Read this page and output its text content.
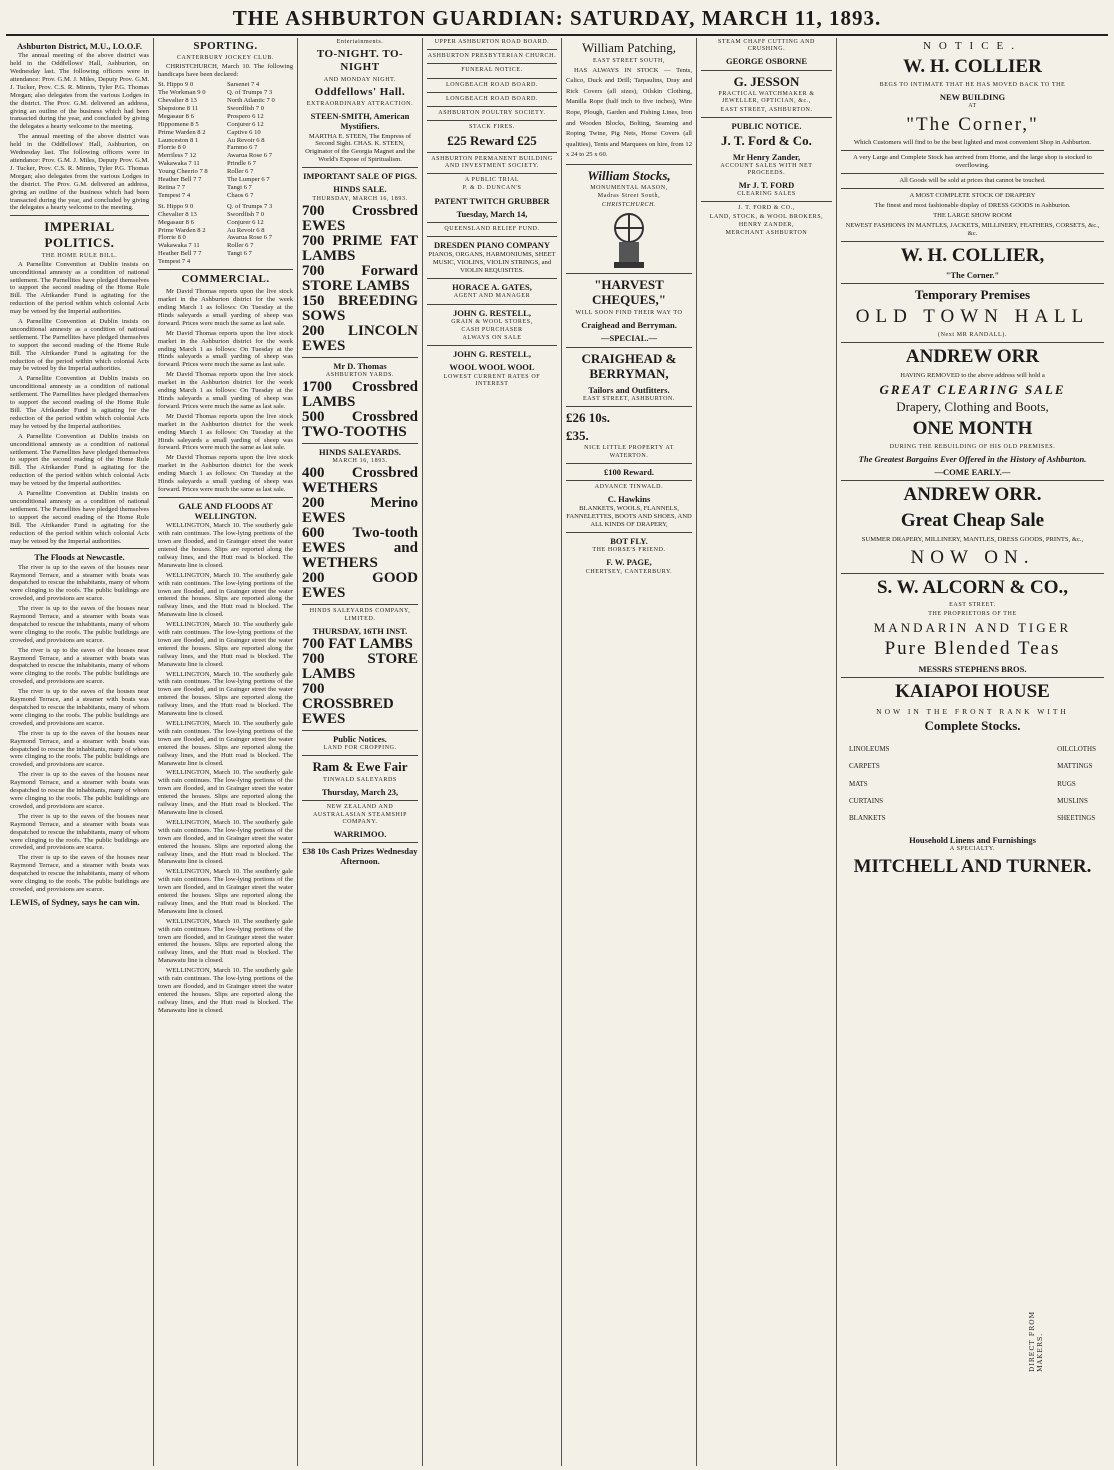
THE ASHBURTON GUARDIAN: SATURDAY, MARCH 11, 1893.
Ashburton District, M.U., I.O.O.F.

The annual meeting of the above district was held in the Oddfellows' Hall, Ashburton, on Wednesday last. The following officers were in attendance: Prov. G.M. J. Miles, Deputy Prov. G.M. J. Tucker, Prov. C.S. R. Minnis, Tyler P.G. Thomas Morgan; also delegates from the various Lodges in the district. The Prov. G.M. delivered an address, giving an outline of the business which had been transacted during the year, and concluded by giving the delegates a hearty welcome to the meeting.

The annual meeting of the above district was held in the Oddfellows' Hall, Ashburton, on Wednesday last. The following officers were in attendance: Prov. G.M. J. Miles, Deputy Prov. G.M. J. Tucker, Prov. C.S. R. Minnis, Tyler P.G. Thomas Morgan; also delegates from the various Lodges in the district. The Prov. G.M. delivered an address, giving an outline of the business which had been transacted during the year, and concluded by giving the delegates a hearty welcome to the meeting.

IMPERIAL POLITICS.
THE HOME RULE BILL.

A Parnellite Convention at Dublin insists on unconditional amnesty as a condition of national settlement. The Parnellites have pledged themselves to support the second reading of the Home Rule Bill. The Afrikander Fund is agitating for the reduction of the period within which colonial Acts may be vetoed by the Imperial authorities.

A Parnellite Convention at Dublin insists on unconditional amnesty as a condition of national settlement. The Parnellites have pledged themselves to support the second reading of the Home Rule Bill. The Afrikander Fund is agitating for the reduction of the period within which colonial Acts may be vetoed by the Imperial authorities.

A Parnellite Convention at Dublin insists on unconditional amnesty as a condition of national settlement. The Parnellites have pledged themselves to support the second reading of the Home Rule Bill. The Afrikander Fund is agitating for the reduction of the period within which colonial Acts may be vetoed by the Imperial authorities.

A Parnellite Convention at Dublin insists on unconditional amnesty as a condition of national settlement. The Parnellites have pledged themselves to support the second reading of the Home Rule Bill. The Afrikander Fund is agitating for the reduction of the period within which colonial Acts may be vetoed by the Imperial authorities.

A Parnellite Convention at Dublin insists on unconditional amnesty as a condition of national settlement. The Parnellites have pledged themselves to support the second reading of the Home Rule Bill. The Afrikander Fund is agitating for the reduction of the period within which colonial Acts may be vetoed by the Imperial authorities.

The Floods at Newcastle.

The river is up to the eaves of the houses near Raymond Terrace, and a steamer with boats was despatched to rescue the inhabitants, many of whom were clinging to the roofs. The public buildings are crowded, and provisions are scarce.

The river is up to the eaves of the houses near Raymond Terrace, and a steamer with boats was despatched to rescue the inhabitants, many of whom were clinging to the roofs. The public buildings are crowded, and provisions are scarce.

The river is up to the eaves of the houses near Raymond Terrace, and a steamer with boats was despatched to rescue the inhabitants, many of whom were clinging to the roofs. The public buildings are crowded, and provisions are scarce.

The river is up to the eaves of the houses near Raymond Terrace, and a steamer with boats was despatched to rescue the inhabitants, many of whom were clinging to the roofs. The public buildings are crowded, and provisions are scarce.

The river is up to the eaves of the houses near Raymond Terrace, and a steamer with boats was despatched to rescue the inhabitants, many of whom were clinging to the roofs. The public buildings are crowded, and provisions are scarce.

The river is up to the eaves of the houses near Raymond Terrace, and a steamer with boats was despatched to rescue the inhabitants, many of whom were clinging to the roofs. The public buildings are crowded, and provisions are scarce.

The river is up to the eaves of the houses near Raymond Terrace, and a steamer with boats was despatched to rescue the inhabitants, many of whom were clinging to the roofs. The public buildings are crowded, and provisions are scarce.

The river is up to the eaves of the houses near Raymond Terrace, and a steamer with boats was despatched to rescue the inhabitants, many of whom were clinging to the roofs. The public buildings are crowded, and provisions are scarce.

LEWIS, of Sydney, says he can win.
SPORTING.
CANTERBURY JOCKEY CLUB.

CHRISTCHURCH, March 10. The following handicaps have been declared:

St. Hippo 9 0
The Workman 9 0
Chevalier 8 13
Shepstone 8 11
Megasaur 8 6
Hippomene 8 5
Prime Warden 8 2
Launceston 8 1
Florrie 8 0
Merriless 7 12
Wakawaka 7 11
Young Cheerio 7 8
Heather Bell 7 7
Retina 7 7
Tempest 7 4
Sarsenet 7 4
Q. of Trumps 7 3
North Atlantic 7 0
Swordfish 7 0
Prospero 6 12
Conjurer 6 12
Captive 6 10
Au Revoir 6 8
Farnmo 6 7
Awarua Rose 6 7
Prindle 6 7
Roller 6 7
The Lumper 6 7
Tangi 6 7
Chaos 6 7
St. Hippo 9 0
Chevalier 8 13
Megasaur 8 6
Prime Warden 8 2
Florrie 8 0
Wakawaka 7 11
Heather Bell 7 7
Tempest 7 4
Q. of Trumps 7 3
Swordfish 7 0
Conjurer 6 12
Au Revoir 6 8
Awarua Rose 6 7
Roller 6 7
Tangi 6 7
COMMERCIAL.

Mr David Thomas reports upon the live stock market in the Ashburton district for the week ending March 1 as follows: On Tuesday at the Hinds saleyards a small yarding of sheep was forward. Prices were much the same as last sale.

Mr David Thomas reports upon the live stock market in the Ashburton district for the week ending March 1 as follows: On Tuesday at the Hinds saleyards a small yarding of sheep was forward. Prices were much the same as last sale.

Mr David Thomas reports upon the live stock market in the Ashburton district for the week ending March 1 as follows: On Tuesday at the Hinds saleyards a small yarding of sheep was forward. Prices were much the same as last sale.

Mr David Thomas reports upon the live stock market in the Ashburton district for the week ending March 1 as follows: On Tuesday at the Hinds saleyards a small yarding of sheep was forward. Prices were much the same as last sale.

Mr David Thomas reports upon the live stock market in the Ashburton district for the week ending March 1 as follows: On Tuesday at the Hinds saleyards a small yarding of sheep was forward. Prices were much the same as last sale.

GALE AND FLOODS AT WELLINGTON.

WELLINGTON, March 10. The southerly gale with rain continues. The low-lying portions of the town are flooded, and in Grainger street the water entered the houses. Slips are reported along the railway lines, and the Hutt road is blocked. The Manawatu line is closed.

WELLINGTON, March 10. The southerly gale with rain continues. The low-lying portions of the town are flooded, and in Grainger street the water entered the houses. Slips are reported along the railway lines, and the Hutt road is blocked. The Manawatu line is closed.

WELLINGTON, March 10. The southerly gale with rain continues. The low-lying portions of the town are flooded, and in Grainger street the water entered the houses. Slips are reported along the railway lines, and the Hutt road is blocked. The Manawatu line is closed.

WELLINGTON, March 10. The southerly gale with rain continues. The low-lying portions of the town are flooded, and in Grainger street the water entered the houses. Slips are reported along the railway lines, and the Hutt road is blocked. The Manawatu line is closed.

WELLINGTON, March 10. The southerly gale with rain continues. The low-lying portions of the town are flooded, and in Grainger street the water entered the houses. Slips are reported along the railway lines, and the Hutt road is blocked. The Manawatu line is closed.

WELLINGTON, March 10. The southerly gale with rain continues. The low-lying portions of the town are flooded, and in Grainger street the water entered the houses. Slips are reported along the railway lines, and the Hutt road is blocked. The Manawatu line is closed.

WELLINGTON, March 10. The southerly gale with rain continues. The low-lying portions of the town are flooded, and in Grainger street the water entered the houses. Slips are reported along the railway lines, and the Hutt road is blocked. The Manawatu line is closed.

WELLINGTON, March 10. The southerly gale with rain continues. The low-lying portions of the town are flooded, and in Grainger street the water entered the houses. Slips are reported along the railway lines, and the Hutt road is blocked. The Manawatu line is closed.

WELLINGTON, March 10. The southerly gale with rain continues. The low-lying portions of the town are flooded, and in Grainger street the water entered the houses. Slips are reported along the railway lines, and the Hutt road is blocked. The Manawatu line is closed.

WELLINGTON, March 10. The southerly gale with rain continues. The low-lying portions of the town are flooded, and in Grainger street the water entered the houses. Slips are reported along the railway lines, and the Hutt road is blocked. The Manawatu line is closed.

Entertainments.
TO-NIGHT. TO-NIGHT
AND MONDAY NIGHT.
Oddfellows' Hall.
EXTRAORDINARY ATTRACTION.
STEEN-SMITH, American Mystifiers.

MARTHA E. STEEN, The Empress of Second Sight. CHAS. K. STEEN, Originator of the Georgia Magnet and the World's Expose of Spiritualism.

IMPORTANT SALE OF PIGS.
HINDS SALE.
THURSDAY, MARCH 16, 1893.
700 Crossbred EWES
700 PRIME FAT LAMBS
700 Forward STORE LAMBS
150 BREEDING SOWS
200 LINCOLN EWES
Mr D. Thomas
ASHBURTON YARDS.
1700 Crossbred LAMBS
500 Crossbred TWO-TOOTHS
HINDS SALEYARDS.
MARCH 16, 1893.
400 Crossbred WETHERS
200 Merino EWES
600 Two-tooth EWES and WETHERS
200 GOOD EWES
HINDS SALEYARDS COMPANY, LIMITED.
THURSDAY, 16TH INST.
700 FAT LAMBS
700 STORE LAMBS
700 CROSSBRED EWES
Public Notices.
LAND FOR CROPPING.
Ram & Ewe Fair
TINWALD SALEYARDS
Thursday, March 23,
NEW ZEALAND AND AUSTRALASIAN STEAMSHIP COMPANY.
WARRIMOO.
£38 10s Cash Prizes Wednesday Afternoon.
UPPER ASHBURTON ROAD BOARD.
ASHBURTON PRESBYTERIAN CHURCH.
FUNERAL NOTICE.
LONGBEACH ROAD BOARD.
LONGBEACH ROAD BOARD.
ASHBURTON POULTRY SOCIETY.
STACK FIRES.
£25 Reward £25
ASHBURTON PERMANENT BUILDING AND INVESTMENT SOCIETY.
A PUBLIC TRIAL
P. & D. DUNCAN'S
PATENT TWITCH GRUBBER
Tuesday, March 14,
QUEENSLAND RELIEF FUND.
DRESDEN PIANO COMPANY

PIANOS, ORGANS, HARMONIUMS, SHEET MUSIC, VIOLINS, VIOLIN STRINGS, and VIOLIN REQUISITES.

HORACE A. GATES,
AGENT AND MANAGER
JOHN G. RESTELL,
GRAIN & WOOL STORES,
CASH PURCHASER
ALWAYS ON SALE
JOHN G. RESTELL,
WOOL WOOL WOOL
LOWEST CURRENT RATES OF INTEREST
William Patching,
EAST STREET SOUTH,

HAS ALWAYS IN STOCK — Tents, Calico, Duck and Drill; Tarpaulins, Dray and Rick Covers (all sizes), Oilskin Clothing, Manilla Rope (half inch to five inches), Wire Rope, Plough, Garden and Fishing Lines, Iron and Wooden Blocks, Bolting, Seaming and Roping Twine, Pig Nets, Horse Covers (all qualities), Tents and Marquees on hire, from 12 x 24 to 25 x 60.

William Stocks,
MONUMENTAL MASON,
Madras Street South,
CHRISTCHURCH.
"HARVEST CHEQUES,"
WILL SOON FIND THEIR WAY TO
Craighead and Berryman.
—SPECIAL.—
CRAIGHEAD & BERRYMAN,
Tailors and Outfitters.
EAST STREET, ASHBURTON.
£26 10s.
£35.
NICE LITTLE PROPERTY AT WATERTON.
£100 Reward.
ADVANCE TINWALD.
C. Hawkins

BLANKETS, WOOLS, FLANNELS, FANNELETTES, BOOTS AND SHOES, AND ALL KINDS OF DRAPERY,

BOT FLY.
THE HORSE'S FRIEND.
F. W. PAGE,
CHERTSEY, CANTERBURY.
STEAM CHAFF CUTTING AND CRUSHING.
GEORGE OSBORNE
G. JESSON
PRACTICAL WATCHMAKER & JEWELLER, OPTICIAN, &c.,
EAST STREET, ASHBURTON.
PUBLIC NOTICE.
J. T. Ford & Co.
Mr Henry Zander,
ACCOUNT SALES WITH NET PROCEEDS.
Mr J. T. FORD
CLEARING SALES
J. T. FORD & CO.,
LAND, STOCK, & WOOL BROKERS,
HENRY ZANDER,
MERCHANT ASHBURTON
NOTICE.
W. H. COLLIER
BEGS TO INTIMATE THAT HE HAS MOVED BACK TO THE
NEW BUILDING
AT
"The Corner,"

Which Customers will find to be the best lighted and most convenient Shop in Ashburton.

A very Large and Complete Stock has arrived from Home, and the large shop is stocked to overflowing.

All Goods will be sold at prices that cannot be touched.

A MOST COMPLETE STOCK OF DRAPERY

The finest and most fashionable display of DRESS GOODS in Ashburton.

THE LARGE SHOW ROOM

NEWEST FASHIONS IN MANTLES, JACKETS, MILLINERY, FEATHERS, CORSETS, &c., &c.

W. H. COLLIER,
"The Corner."
Temporary Premises
OLD TOWN HALL
(Next MR RANDALL).
ANDREW ORR

HAVING REMOVED to the above address will hold a

GREAT CLEARING SALE
Drapery, Clothing and Boots,
ONE MONTH
DURING THE REBUILDING OF HIS OLD PREMISES.
The Greatest Bargains Ever Offered in the History of Ashburton.
—COME EARLY.—
ANDREW ORR.
Great Cheap Sale

SUMMER DRAPERY, MILLINERY, MANTLES, DRESS GOODS, PRINTS, &c.,

NOW ON.
S. W. ALCORN & CO.,
EAST STREET.
THE PROPRIETORS OF THE
MANDARIN AND TIGER
Pure Blended Teas
MESSRS STEPHENS BROS.
KAIAPOI HOUSE
NOW IN THE FRONT RANK WITH
Complete Stocks.
LINOLEUMS
CARPETS
MATS
CURTAINS
BLANKETS
OILCLOTHS
MATTINGS
RUGS
MUSLINS
SHEETINGS
Household Linens and Furnishings
A SPECIALTY.
MITCHELL AND TURNER.
DIRECT FROM MAKERS.
